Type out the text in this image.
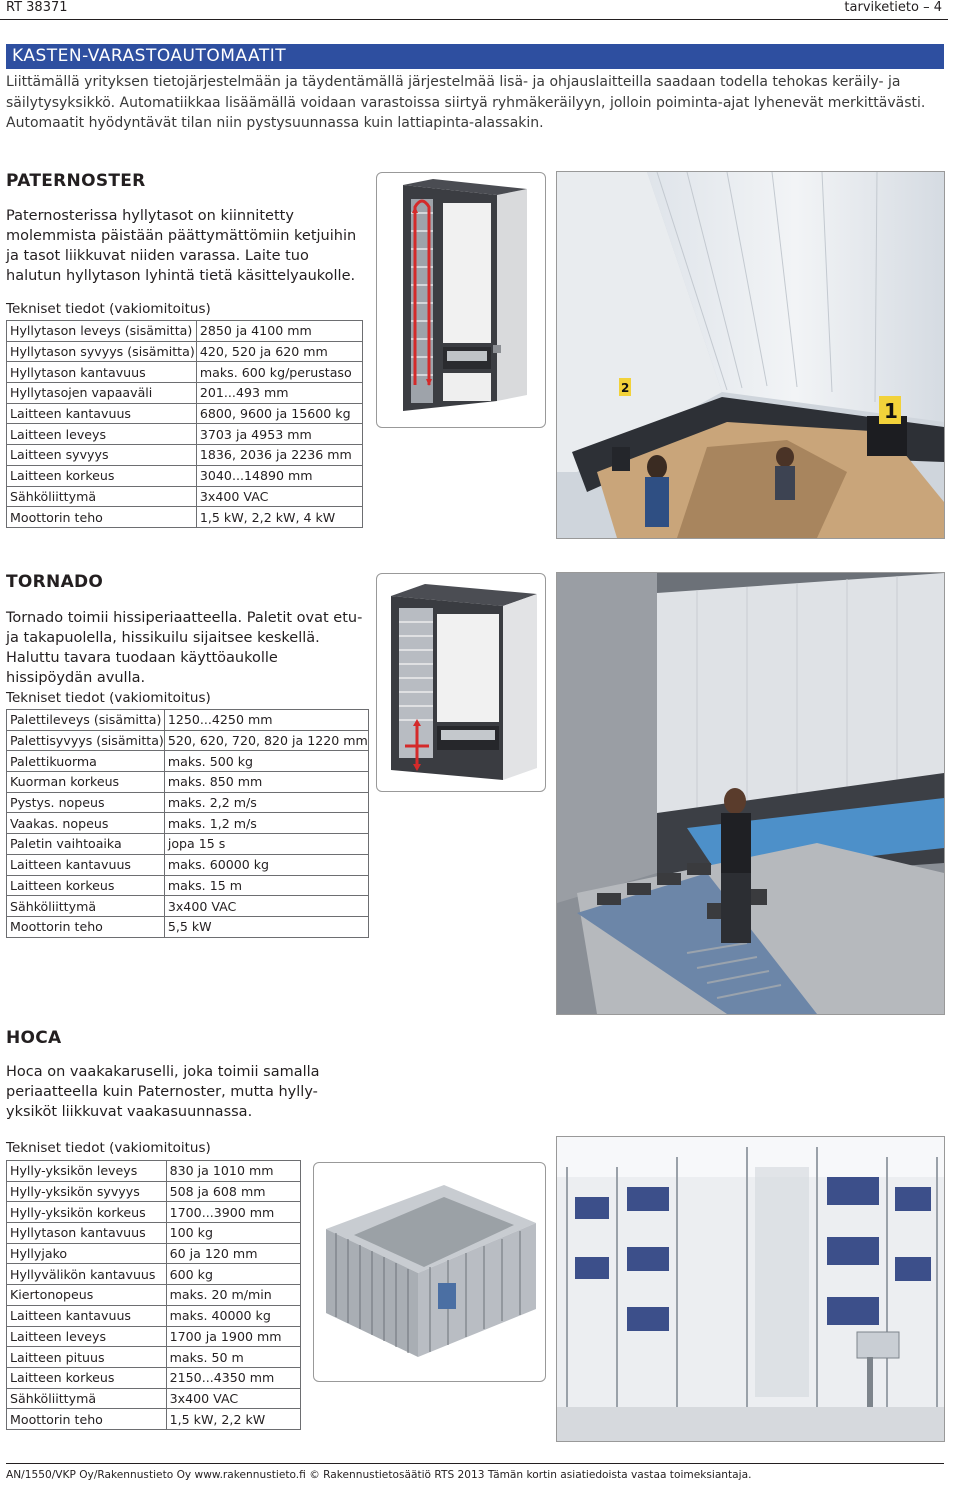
RT 38371	tarviketieto – 4
KASTEN-VARASTOAUTOMAATIT
Liittämällä yrityksen tietojärjestelmään ja täydentämällä järjestelmää lisä- ja ohjauslaitteilla saadaan todella tehokas keräily- ja säilytysyksikkö. Automatiikkaa lisäämällä voidaan varastoissa siirtyä ryhmäkeräilyyn, jolloin poiminta-ajat lyhenevät merkittävästi. Automaatit hyödyntävät tilan niin pystysuunnassa kuin lattiapinta-alassakin.
PATERNOSTER
Paternosterissa hyllytasot on kiinnitetty molemmista päistään päättymättömiin ketjuihin ja tasot liikkuvat niiden varassa. Laite tuo halutun hyllytason lyhintä tietä käsittelyaukolle.
Tekniset tiedot (vakiomitoitus)
Hyllytason leveys (sisämitta)	2850 ja 4100 mm
Hyllytason syvyys (sisämitta)	420, 520 ja 620 mm
Hyllytason kantavuus	maks. 600 kg/perustaso
Hyllytasojen vapaaväli	201...493 mm
Laitteen kantavuus	6800, 9600 ja 15600 kg
Laitteen leveys	3703 ja 4953 mm
Laitteen syvyys	1836, 2036 ja 2236 mm
Laitteen korkeus	3040...14890 mm
Sähköliittymä	3x400 VAC
Moottorin teho	1,5 kW, 2,2 kW, 4 kW
2
1
TORNADO
Tornado toimii hissiperiaatteella. Paletit ovat etu- ja takapuolella, hissikuilu sijaitsee keskellä. Haluttu tavara tuodaan käyttöaukolle hissipöydän avulla.
Tekniset tiedot (vakiomitoitus)
Palettileveys (sisämitta)	1250...4250 mm
Palettisyvyys (sisämitta)	520, 620, 720, 820 ja 1220 mm
Palettikuorma	maks. 500 kg
Kuorman korkeus	maks. 850 mm
Pystys. nopeus	maks. 2,2 m/s
Vaakas. nopeus	maks. 1,2 m/s
Paletin vaihtoaika	jopa 15 s
Laitteen kantavuus	maks. 60000 kg
Laitteen korkeus	maks. 15 m
Sähköliittymä	3x400 VAC
Moottorin teho	5,5 kW
HOCA
Hoca on vaakakaruselli, joka toimii samalla periaatteella kuin Paternoster, mutta hylly-yksiköt liikkuvat vaakasuunnassa.
Tekniset tiedot (vakiomitoitus)
Hylly-yksikön leveys	830 ja 1010 mm
Hylly-yksikön syvyys	508 ja 608 mm
Hylly-yksikön korkeus	1700...3900 mm
Hyllytason kantavuus	100 kg
Hyllyjako	60 ja 120 mm
Hyllyvälikön kantavuus	600 kg
Kiertonopeus	maks. 20 m/min
Laitteen kantavuus	maks. 40000 kg
Laitteen leveys	1700 ja 1900 mm
Laitteen pituus	maks. 50 m
Laitteen korkeus	2150...4350 mm
Sähköliittymä	3x400 VAC
Moottorin teho	1,5 kW, 2,2 kW
AN/1550/VKP Oy/Rakennustieto Oy www.rakennustieto.fi © Rakennustietosäätiö RTS 2013 Tämän kortin asiatiedoista vastaa toimeksiantaja.
